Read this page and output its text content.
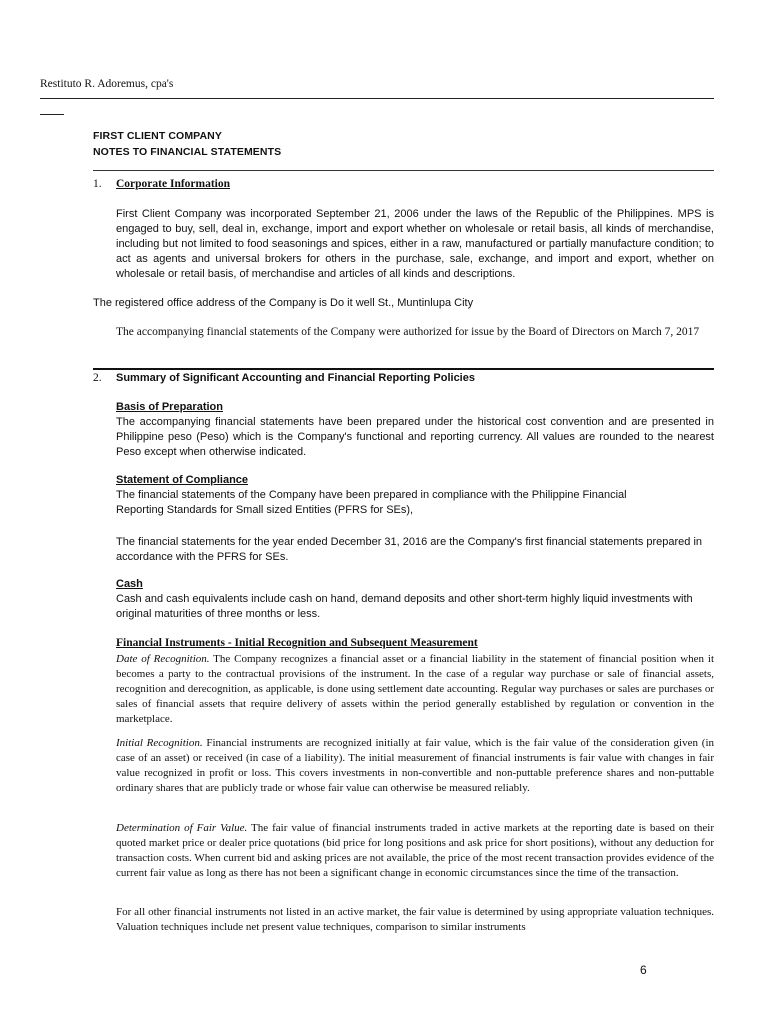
Restituto R. Adoremus, cpa's
FIRST CLIENT COMPANY
NOTES TO FINANCIAL STATEMENTS
1. Corporate Information
First Client Company was incorporated September 21, 2006 under the laws of the Republic of the Philippines. MPS is engaged to buy, sell, deal in, exchange, import and export whether on wholesale or retail basis, all kinds of merchandise, including but not limited to food seasonings and spices, either in a raw, manufactured or partially manufacture condition; to act as agents and universal brokers for others in the purchase, sale, exchange, and import and export, whether on wholesale or retail basis, of merchandise and articles of all kinds and descriptions.
The registered office address of the Company is Do it well St., Muntinlupa City
The accompanying financial statements of the Company were authorized for issue by the Board of Directors on March 7, 2017
2. Summary of Significant Accounting and Financial Reporting Policies
Basis of Preparation
The accompanying financial statements have been prepared under the historical cost convention and are presented in Philippine peso (Peso) which is the Company's functional and reporting currency. All values are rounded to the nearest Peso except when otherwise indicated.
Statement of Compliance
The financial statements of the Company have been prepared in compliance with the Philippine Financial Reporting Standards for Small sized Entities (PFRS for SEs),
The financial statements for the year ended December 31, 2016 are the Company's first financial statements prepared in accordance with the PFRS for SEs.
Cash
Cash and cash equivalents include cash on hand, demand deposits and other short-term highly liquid investments with original maturities of three months or less.
Financial Instruments - Initial Recognition and Subsequent Measurement
Date of Recognition. The Company recognizes a financial asset or a financial liability in the statement of financial position when it becomes a party to the contractual provisions of the instrument. In the case of a regular way purchase or sale of financial assets, recognition and derecognition, as applicable, is done using settlement date accounting. Regular way purchases or sales are purchases or sales of financial assets that require delivery of assets within the period generally established by regulation or convention in the marketplace.
Initial Recognition. Financial instruments are recognized initially at fair value, which is the fair value of the consideration given (in case of an asset) or received (in case of a liability). The initial measurement of financial instruments is fair value with changes in fair value recognized in profit or loss. This covers investments in non-convertible and non-puttable preference shares and non-puttable ordinary shares that are publicly trade or whose fair value can otherwise be measured reliably.
Determination of Fair Value. The fair value of financial instruments traded in active markets at the reporting date is based on their quoted market price or dealer price quotations (bid price for long positions and ask price for short positions), without any deduction for transaction costs. When current bid and asking prices are not available, the price of the most recent transaction provides evidence of the current fair value as long as there has not been a significant change in economic circumstances since the time of the transaction.
For all other financial instruments not listed in an active market, the fair value is determined by using appropriate valuation techniques. Valuation techniques include net present value techniques, comparison to similar instruments
6
